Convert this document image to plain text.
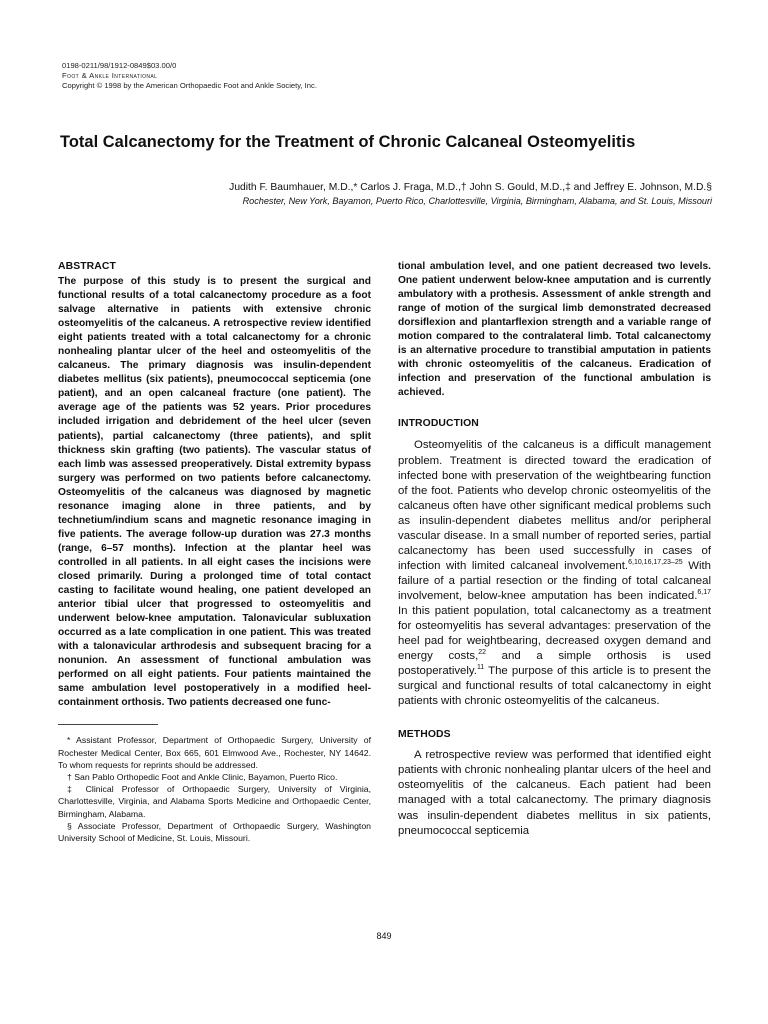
0198-0211/98/1912-0849$03.00/0
Foot & Ankle International
Copyright © 1998 by the American Orthopaedic Foot and Ankle Society, Inc.
Total Calcanectomy for the Treatment of Chronic Calcaneal Osteomyelitis
Judith F. Baumhauer, M.D.,* Carlos J. Fraga, M.D.,† John S. Gould, M.D.,‡ and Jeffrey E. Johnson, M.D.§
Rochester, New York, Bayamon, Puerto Rico, Charlottesville, Virginia, Birmingham, Alabama, and St. Louis, Missouri

ABSTRACT

The purpose of this study is to present the surgical and functional results of a total calcanectomy procedure as a foot salvage alternative in patients with extensive chronic osteomyelitis of the calcaneus. A retrospective review identified eight patients treated with a total calcanectomy for a chronic nonhealing plantar ulcer of the heel and osteomyelitis of the calcaneus. The primary diagnosis was insulin-dependent diabetes mellitus (six patients), pneumococcal septicemia (one patient), and an open calcaneal fracture (one patient). The average age of the patients was 52 years. Prior procedures included irrigation and debridement of the heel ulcer (seven patients), partial calcanectomy (three patients), and split thickness skin grafting (two patients). The vascular status of each limb was assessed preoperatively. Distal extremity bypass surgery was performed on two patients before calcanectomy. Osteomyelitis of the calcaneus was diagnosed by magnetic resonance imaging alone in three patients, and by technetium/indium scans and magnetic resonance imaging in five patients. The average follow-up duration was 27.3 months (range, 6–57 months). Infection at the plantar heel was controlled in all patients. In all eight cases the incisions were closed primarily. During a prolonged time of total contact casting to facilitate wound healing, one patient developed an anterior tibial ulcer that progressed to osteomyelitis and underwent below-knee amputation. Talonavicular subluxation occurred as a late complication in one patient. This was treated with a talonavicular arthrodesis and subsequent bracing for a nonunion. An assessment of functional ambulation was performed on all eight patients. Four patients maintained the same ambulation level postoperatively in a modified heel-containment orthosis. Two patients decreased one func-

* Assistant Professor, Department of Orthopaedic Surgery, University of Rochester Medical Center, Box 665, 601 Elmwood Ave., Rochester, NY 14642. To whom requests for reprints should be addressed.

† San Pablo Orthopedic Foot and Ankle Clinic, Bayamon, Puerto Rico.

‡ Clinical Professor of Orthopaedic Surgery, University of Virginia, Charlottesville, Virginia, and Alabama Sports Medicine and Orthopaedic Center, Birmingham, Alabama.

§ Associate Professor, Department of Orthopaedic Surgery, Washington University School of Medicine, St. Louis, Missouri.

tional ambulation level, and one patient decreased two levels. One patient underwent below-knee amputation and is currently ambulatory with a prothesis. Assessment of ankle strength and range of motion of the surgical limb demonstrated decreased dorsiflexion and plantarflexion strength and a variable range of motion compared to the contralateral limb. Total calcanectomy is an alternative procedure to transtibial amputation in patients with chronic osteomyelitis of the calcaneus. Eradication of infection and preservation of the functional ambulation is achieved.

INTRODUCTION

Osteomyelitis of the calcaneus is a difficult management problem. Treatment is directed toward the eradication of infected bone with preservation of the weightbearing function of the foot. Patients who develop chronic osteomyelitis of the calcaneus often have other significant medical problems such as insulin-dependent diabetes mellitus and/or peripheral vascular disease. In a small number of reported series, partial calcanectomy has been used successfully in cases of infection with limited calcaneal involvement.$^{6,10,16,17,23-25}$ With failure of a partial resection or the finding of total calcaneal involvement, below-knee amputation has been indicated.$^{6,17}$ In this patient population, total calcanectomy as a treatment for osteomyelitis has several advantages: preservation of the heel pad for weightbearing, decreased oxygen demand and energy costs,$^{22}$ and a simple orthosis is used postoperatively.$^{11}$ The purpose of this article is to present the surgical and functional results of total calcanectomy in eight patients with chronic osteomyelitis of the calcaneus.

METHODS

A retrospective review was performed that identified eight patients with chronic nonhealing plantar ulcers of the heel and osteomyelitis of the calcaneus. Each patient had been managed with a total calcanectomy. The primary diagnosis was insulin-dependent diabetes mellitus in six patients, pneumococcal septicemia

849
